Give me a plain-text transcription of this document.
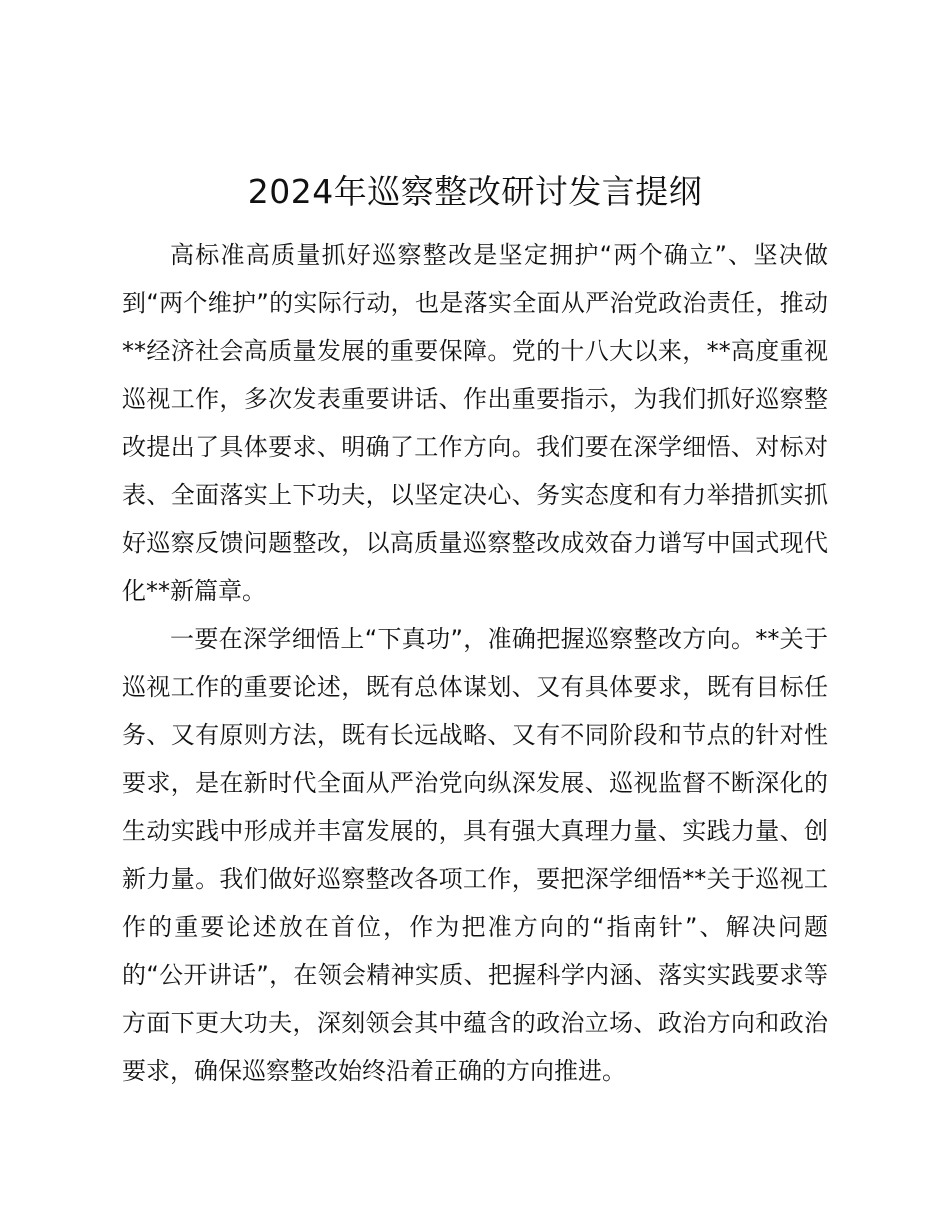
2024年巡察整改研讨发言提纲

高标准高质量抓好巡察整改是坚定拥护“两个确立”、坚决做到“两个维护”的实际行动，也是落实全面从严治党政治责任，推动**经济社会高质量发展的重要保障。党的十八大以来，**高度重视巡视工作，多次发表重要讲话、作出重要指示，为我们抓好巡察整改提出了具体要求、明确了工作方向。我们要在深学细悟、对标对表、全面落实上下功夫，以坚定决心、务实态度和有力举措抓实抓好巡察反馈问题整改，以高质量巡察整改成效奋力谱写中国式现代化**新篇章。

一要在深学细悟上“下真功”，准确把握巡察整改方向。**关于巡视工作的重要论述，既有总体谋划、又有具体要求，既有目标任务、又有原则方法，既有长远战略、又有不同阶段和节点的针对性要求，是在新时代全面从严治党向纵深发展、巡视监督不断深化的生动实践中形成并丰富发展的，具有强大真理力量、实践力量、创新力量。我们做好巡察整改各项工作，要把深学细悟**关于巡视工作的重要论述放在首位，作为把准方向的“指南针”、解决问题的“公开讲话”，在领会精神实质、把握科学内涵、落实实践要求等方面下更大功夫，深刻领会其中蕴含的政治立场、政治方向和政治要求，确保巡察整改始终沿着正确的方向推进。
